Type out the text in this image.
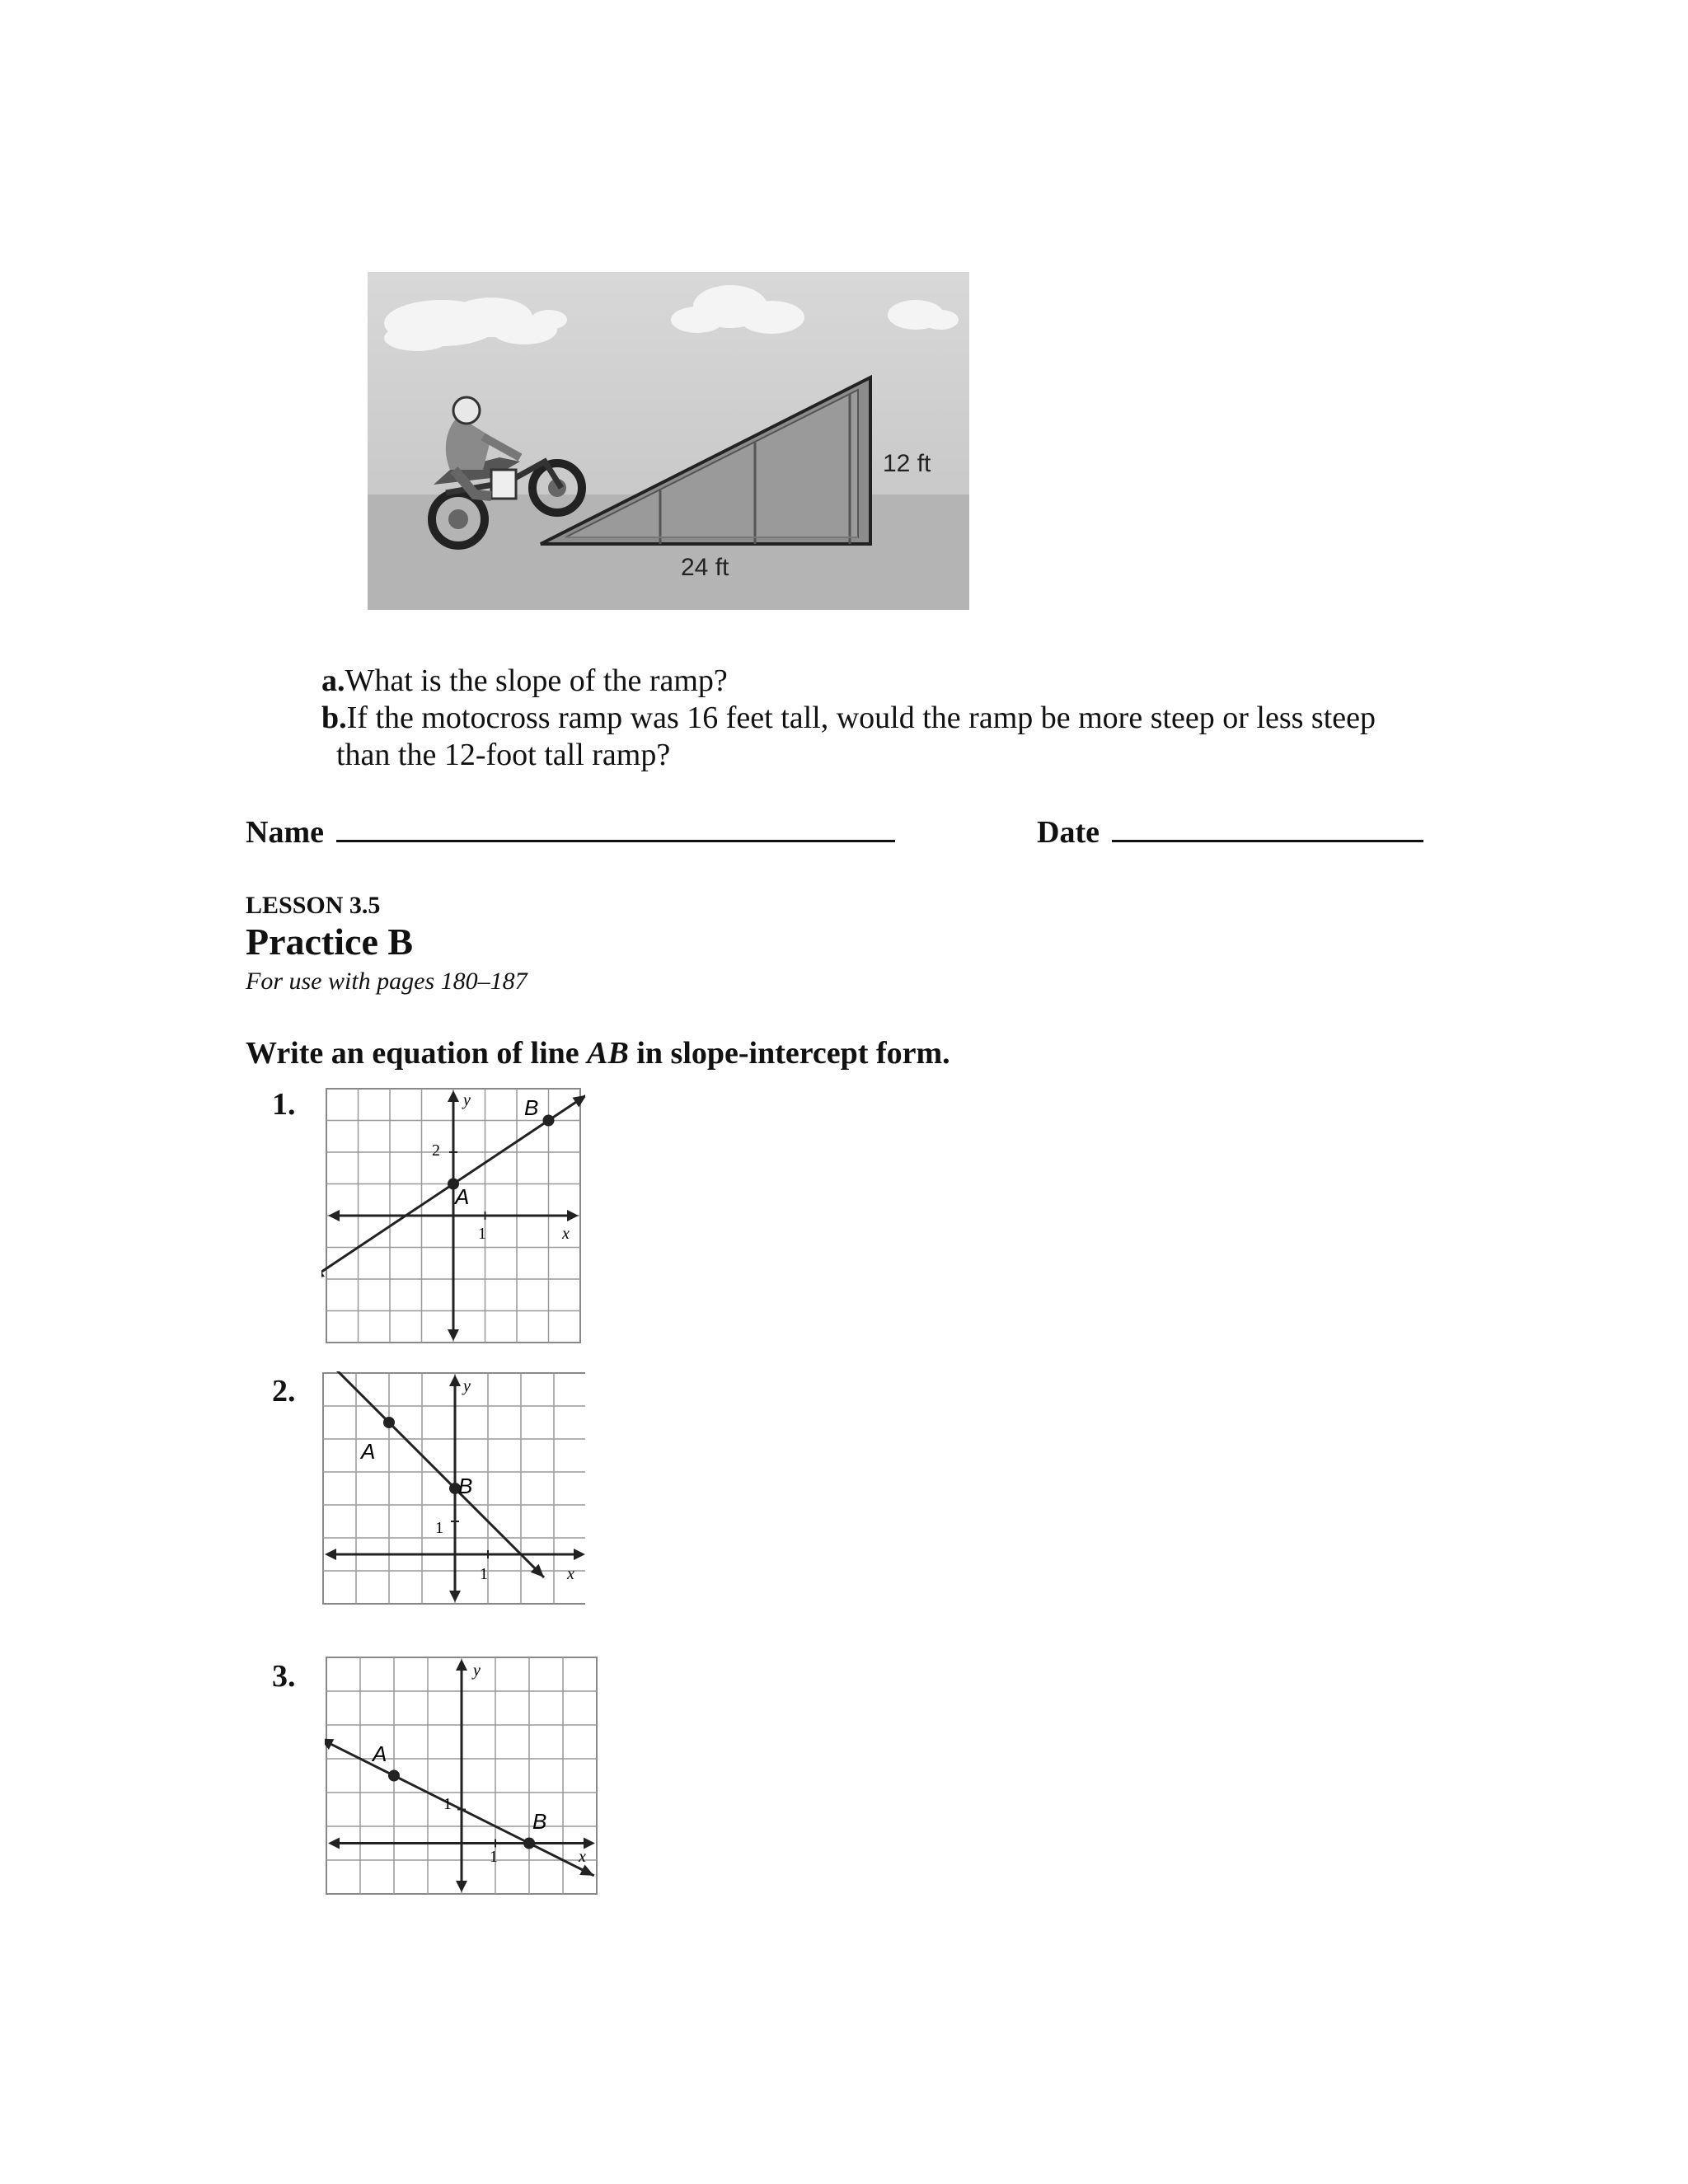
12 ft
24 ft
a.What is the slope of the ramp?
b.If the motocross ramp was 16 feet tall, would the ramp be more steep or less steep
than the 12-foot tall ramp?
Name	Date
LESSON 3.5
Practice B
For use with pages 180–187
Write an equation of line AB in slope-intercept form.
1.
2.
3.
y
x
2
1
A
B
y
x
1
1
A
B
y
x
1
1
A
B
